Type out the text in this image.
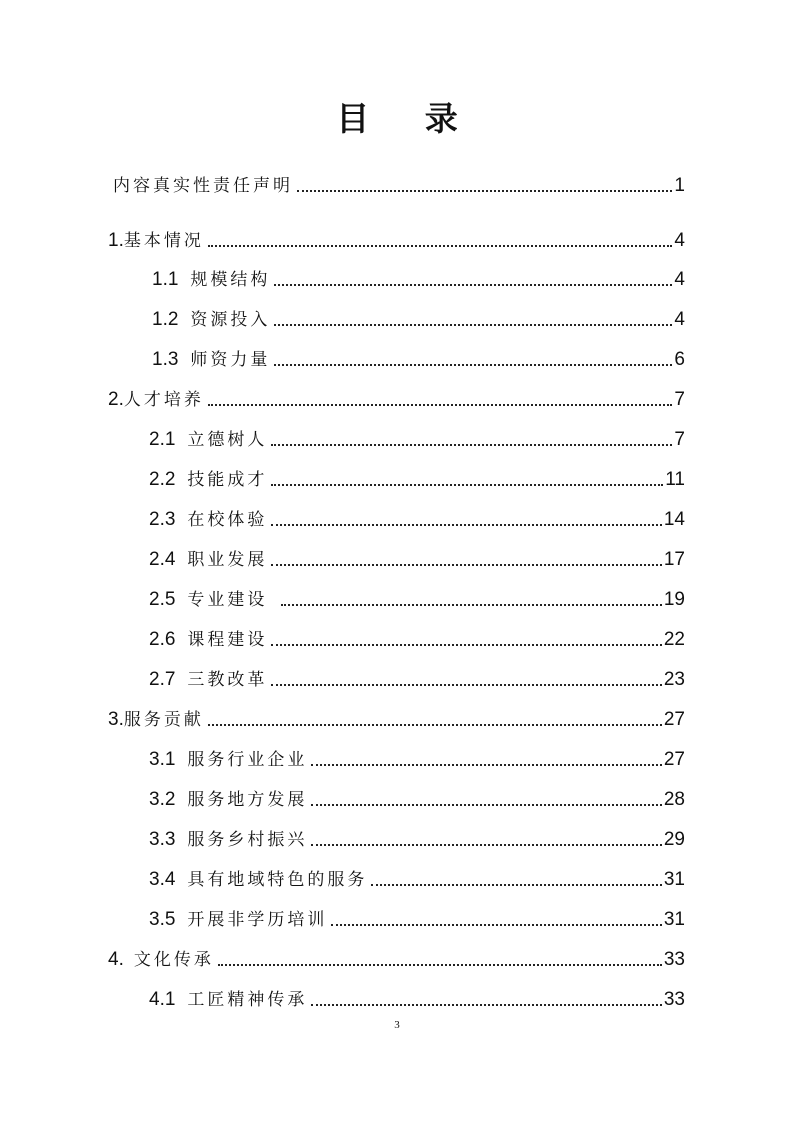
目 录
内容真实性责任声明	1
1. 基本情况	4
1.1 规模结构	4
1.2 资源投入	4
1.3 师资力量	6
2. 人才培养	7
2.1 立德树人	7
2.2 技能成才	11
2.3 在校体验	14
2.4 职业发展	17
2.5 专业建设	19
2.6 课程建设	22
2.7 三教改革	23
3. 服务贡献	27
3.1 服务行业企业	27
3.2 服务地方发展	28
3.3 服务乡村振兴	29
3.4 具有地域特色的服务	31
3.5 开展非学历培训	31
4. 文化传承	33
4.1 工匠精神传承	33
3
